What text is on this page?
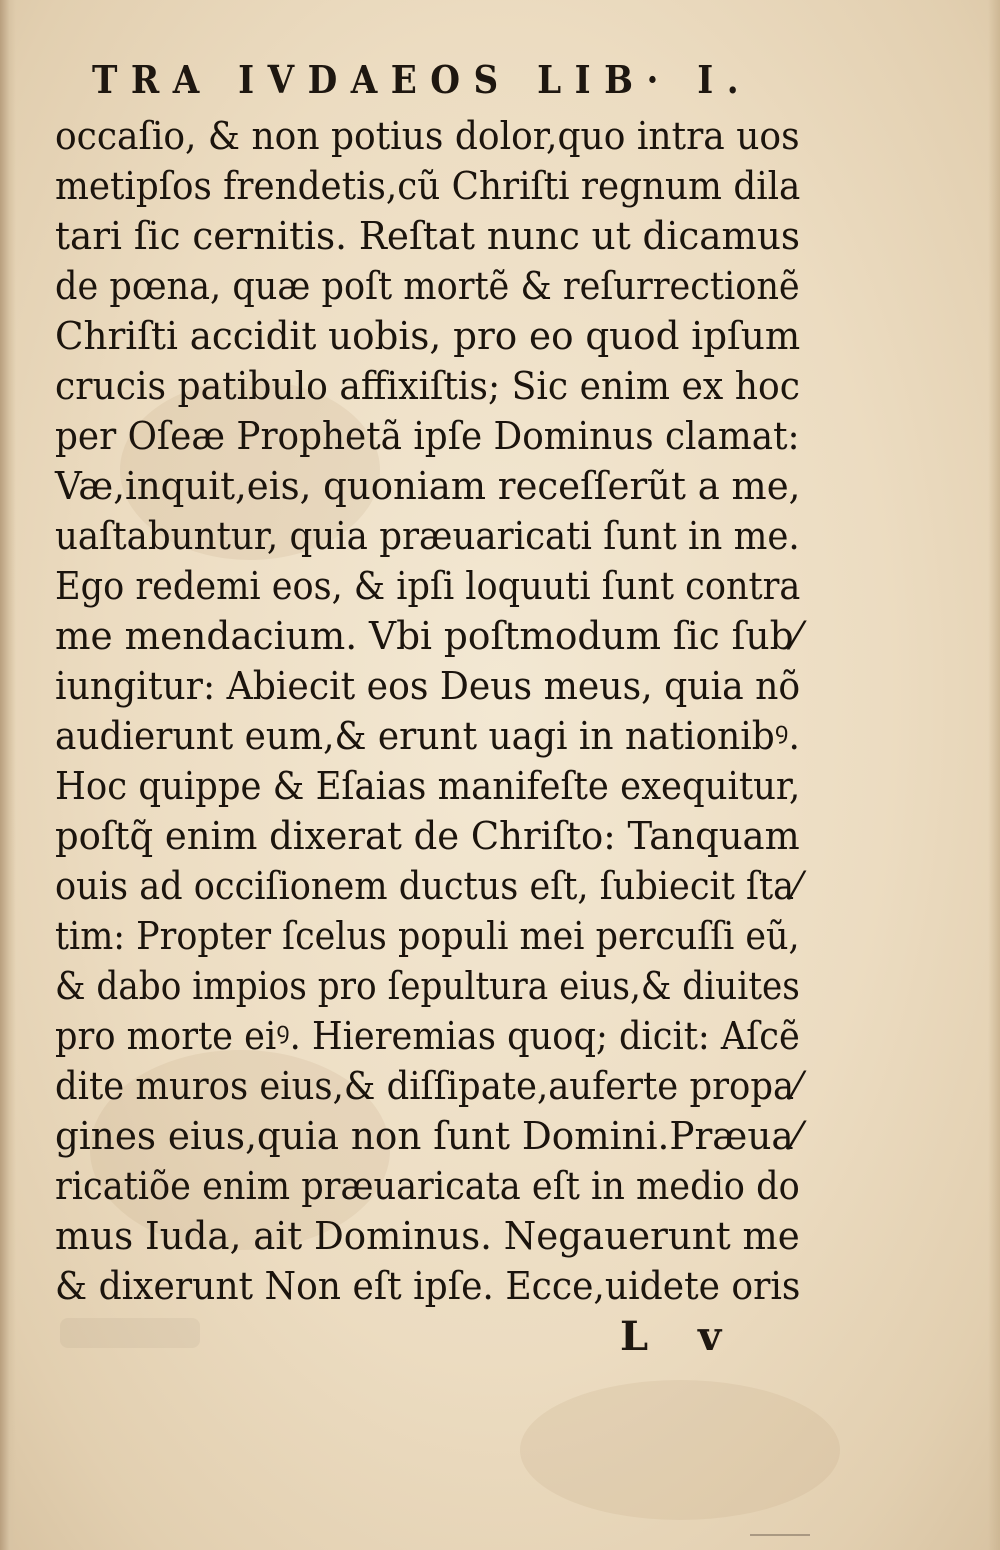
TRA IVDAEOS LIB· I.
occaſio, & non potius dolor,quo intra uos
metipſos frendetis,cũ Chriſti regnum dila
tari ſic cernitis. Reſtat nunc ut dicamus
de pœna, quæ poſt mortẽ & reſurrectionẽ
Chriſti accidit uobis, pro eo quod ipſum
crucis patibulo affixiſtis; Sic enim ex hoc
per Oſeæ Prophetã ipſe Dominus clamat:
Væ,inquit,eis, quoniam receſſerũt a me,
uaſtabuntur, quia præuaricati ſunt in me.
Ego redemi eos, & ipſi loquuti ſunt contra
me mendacium. Vbi poſtmodum ſic ſub⁄
iungitur: Abiecit eos Deus meus, quia nõ
audierunt eum,& erunt uagi in nationibꝰ.
Hoc quippe & Eſaias manifeſte exequitur,
poſtq̃ enim dixerat de Chriſto: Tanquam
ouis ad occiſionem ductus eſt, ſubiecit ſta⁄
tim: Propter ſcelus populi mei percuſſi eũ,
& dabo impios pro ſepultura eius,& diuites
pro morte eiꝰ. Hieremias quoq; dicit: Aſcẽ
dite muros eius,& diſſipate,auferte propa⁄
gines eius,quia non ſunt Domini.Præua⁄
ricatiõe enim præuaricata eſt in medio do
mus Iuda, ait Dominus. Negauerunt me
& dixerunt Non eſt ipſe. Ecce,uidete oris
L v
